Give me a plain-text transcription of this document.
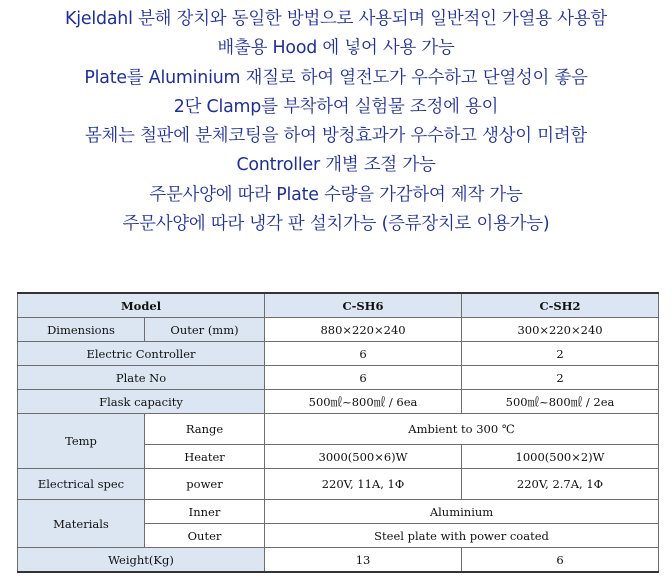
Kjeldahl 분해 장치와 동일한 방법으로 사용되며 일반적인 가열용 사용함
배출용 Hood 에 넣어 사용 가능
Plate를 Aluminium 재질로 하여 열전도가 우수하고 단열성이 좋음
2단 Clamp를 부착하여 실험물 조정에 용이
몸체는 철판에 분체코팅을 하여 방청효과가 우수하고 생상이 미려함
Controller 개별 조절 가능
주문사양에 따라 Plate 수량을 가감하여 제작 가능
주문사양에 따라 냉각 판 설치가능 (증류장치로 이용가능)
Model		C-SH6	C-SH2
Dimensions	Outer (mm)	880×220×240	300×220×240
Electric Controller		6	2
Plate No		6	2
Flask capacity		500㎖~800㎖ / 6ea	500㎖~800㎖ / 2ea
Temp	Range	Ambient to 300 ℃	
	Heater	3000(500×6)W	1000(500×2)W
Electrical spec	power	220V, 11A, 1Φ	220V, 2.7A, 1Φ
Materials	Inner	Aluminium	
	Outer	Steel plate with power coated	
Weight(Kg)		13	6
